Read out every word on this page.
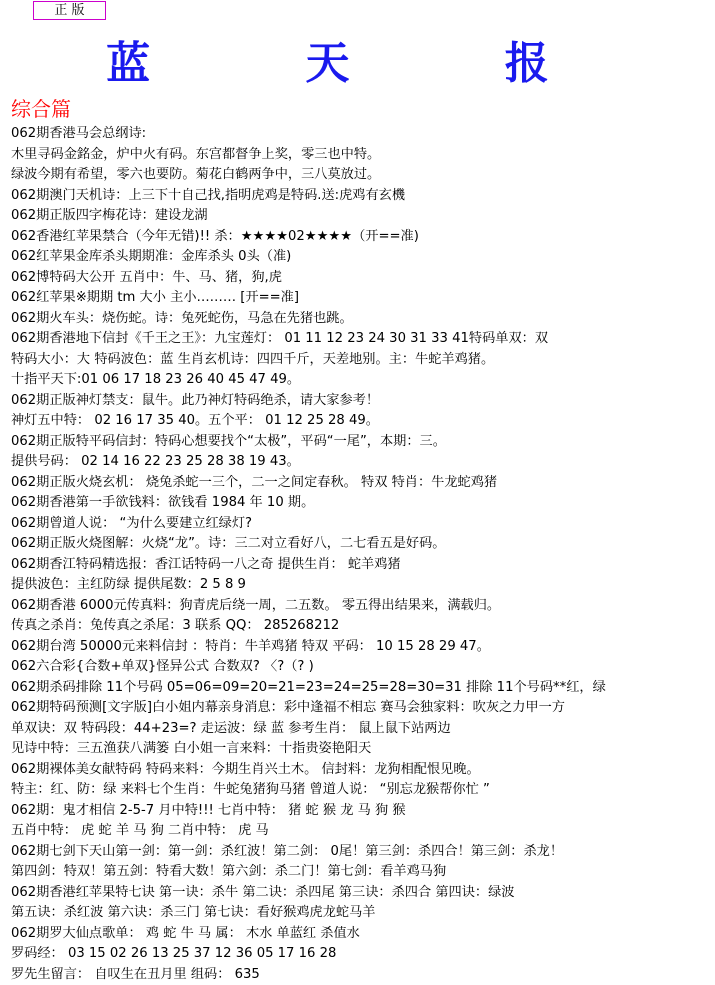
正 版
蓝 天 报
综合篇
062期香港马会总纲诗:
木里寻码金銘金，炉中火有码。东宫都督争上奖，零三也中特。
绿波今期有希望，零六也要防。菊花白鹤两争中，三八莫放过。
062期澳门天机诗：上三下十自己找,指明虎鸡是特码.送:虎鸡有玄機
062期正版四字梅花诗：建设龙湖
062香港红苹果禁合（今年无错)!! 杀：★★★★02★★★★（开==准)
062红苹果金库杀头期期准：金库杀头 0头（准)
062博特码大公开 五肖中：牛、马、猪，狗,虎
062红苹果※期期 tm 大小 主小……… [开==准]
062期火车头：烧伤蛇。诗：兔死蛇伤，马急在先猪也跳。
062期香港地下信封《千王之王》：九宝莲灯： 01 11 12 23 24 30 31 33 41特码单双：双
特码大小：大 特码波色：蓝 生肖玄机诗：四四千斤，天差地别。主：牛蛇羊鸡猪。
十指平天下:01 06 17 18 23 26 40 45 47 49。
062期正版神灯禁支：鼠牛。此乃神灯特码绝杀，请大家参考！
神灯五中特： 02 16 17 35 40。五个平： 01 12 25 28 49。
062期正版特平码信封：特码心想要找个“太极”，平码“一尾”，本期：三。
提供号码： 02 14 16 22 23 25 28 38 19 43。
062期正版火烧玄机： 烧兔杀蛇一三个，二一之间定春秋。 特双 特肖：牛龙蛇鸡猪
062期香港第一手欲钱料：欲钱看 1984 年 10 期。
062期曾道人说： “为什么要建立红绿灯?
062期正版火烧图解：火烧“龙”。诗：三二对立看好八，二七看五是好码。
062期香江特码精选报：香江话特码一八之奇 提供生肖： 蛇羊鸡猪
提供波色：主红防绿 提供尾数：2 5 8 9
062期香港 6000元传真料：狗青虎后绕一周，二五数。 零五得出结果来，满载归。
传真之杀肖：兔传真之杀尾：3 联系 QQ： 285268212
062期台湾 50000元来料信封 ：特肖：牛羊鸡猪 特双 平码： 10 15 28 29 47。
062六合彩{合数+单双}怪异公式 合数双? 〈?（? )
062期杀码排除 11个号码 05=06=09=20=21=23=24=25=28=30=31 排除 11个号码**红，绿
062期特码预测[文字版]白小姐内幕亲身消息：彩中逢福不相忘 赛马会独家料：吹灰之力甲一方
单双诀：双 特码段：44+23=? 走运波：绿 蓝 参考生肖： 鼠上鼠下站两边
见诗中特：三五渔获八满篓 白小姐一言来料：十指贵姿艳阳天
062期裸体美女献特码 特码来料：今期生肖兴土木。 信封料：龙狗相配恨见晚。
特主：红、防：绿 来料七个生肖：牛蛇兔猪狗马猪 曾道人说： “别忘龙猴帮你忙 ”
062期：鬼才相信 2-5-7 月中特!!! 七肖中特： 猪 蛇 猴 龙 马 狗 猴
五肖中特： 虎 蛇 羊 马 狗 二肖中特： 虎 马
062期七剑下天山第一剑：第一剑：杀红波！第二剑： 0尾！第三剑：杀四合！第三剑：杀龙！
第四剑：特双！第五剑：特看大数！第六剑：杀二门！第七剑：看羊鸡马狗
062期香港红苹果特七诀 第一诀：杀牛 第二诀：杀四尾 第三诀：杀四合 第四诀：绿波
第五诀：杀红波 第六诀：杀三门 第七诀：看好猴鸡虎龙蛇马羊
062期罗大仙点歌单： 鸡 蛇 牛 马 属： 木水 单蓝红 杀值水
罗码经： 03 15 02 26 13 25 37 12 36 05 17 16 28
罗先生留言： 自叹生在丑月里 组码： 635
